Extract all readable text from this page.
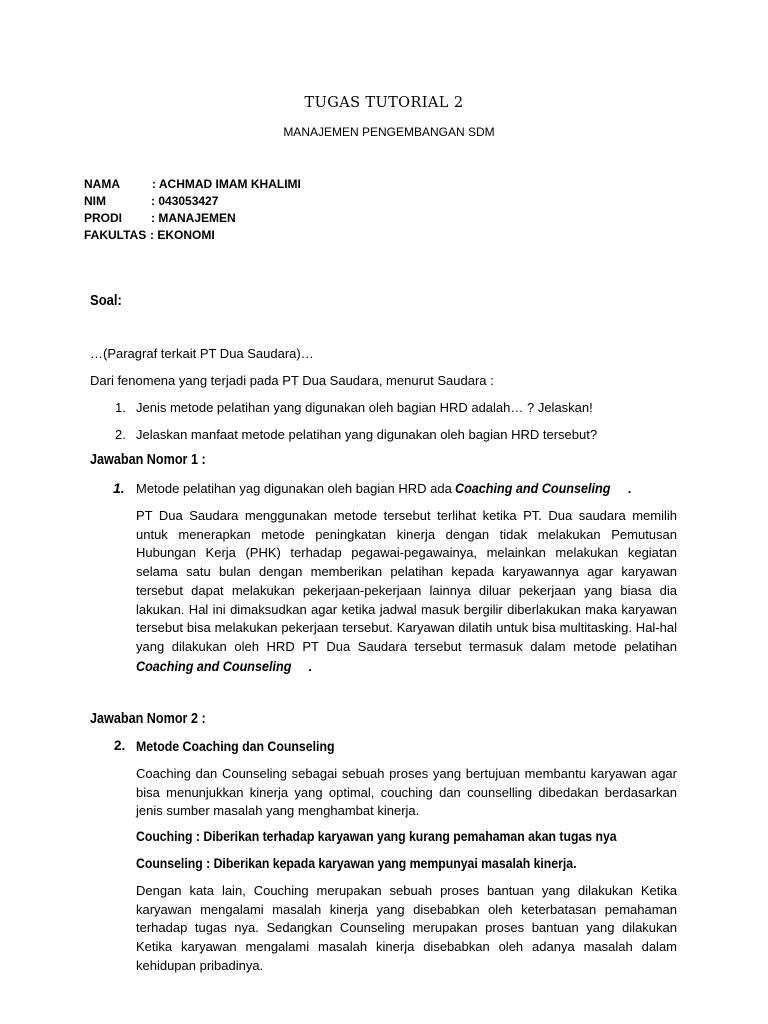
TUGAS TUTORIAL 2
MANAJEMEN PENGEMBANGAN SDM
NAMA	: ACHMAD IMAM KHALIMI
NIM	: 043053427
PRODI : MANAJEMEN
FAKULTAS : EKONOMI
Soal:
…(Paragraf terkait PT Dua Saudara)…
Dari fenomena yang terjadi pada PT Dua Saudara, menurut Saudara :
1. Jenis metode pelatihan yang digunakan oleh bagian HRD adalah… ? Jelaskan!
2. Jelaskan manfaat metode pelatihan yang digunakan oleh bagian HRD tersebut?
Jawaban Nomor 1 :
1. Metode pelatihan yag digunakan oleh bagian HRD ada Coaching and Counseling .
PT Dua Saudara menggunakan metode tersebut terlihat ketika PT. Dua saudara memilih untuk menerapkan metode peningkatan kinerja dengan tidak melakukan Pemutusan Hubungan Kerja (PHK) terhadap pegawai-pegawainya, melainkan melakukan kegiatan selama satu bulan dengan memberikan pelatihan kepada karyawannya agar karyawan tersebut dapat melakukan pekerjaan-pekerjaan lainnya diluar pekerjaan yang biasa dia lakukan. Hal ini dimaksudkan agar ketika jadwal masuk bergilir diberlakukan maka karyawan tersebut bisa melakukan pekerjaan tersebut. Karyawan dilatih untuk bisa multitasking. Hal-hal yang dilakukan oleh HRD PT Dua Saudara tersebut termasuk dalam metode pelatihan Coaching and Counseling .
Jawaban Nomor 2 :
2. Metode Coaching dan Counseling
Coaching dan Counseling sebagai sebuah proses yang bertujuan membantu karyawan agar bisa menunjukkan kinerja yang optimal, couching dan counselling dibedakan berdasarkan jenis sumber masalah yang menghambat kinerja.
Couching : Diberikan terhadap karyawan yang kurang pemahaman akan tugas nya
Counseling : Diberikan kepada karyawan yang mempunyai masalah kinerja.
Dengan kata lain, Couching merupakan sebuah proses bantuan yang dilakukan Ketika karyawan mengalami masalah kinerja yang disebabkan oleh keterbatasan pemahaman terhadap tugas nya. Sedangkan Counseling merupakan proses bantuan yang dilakukan Ketika karyawan mengalami masalah kinerja disebabkan oleh adanya masalah dalam kehidupan pribadinya.
